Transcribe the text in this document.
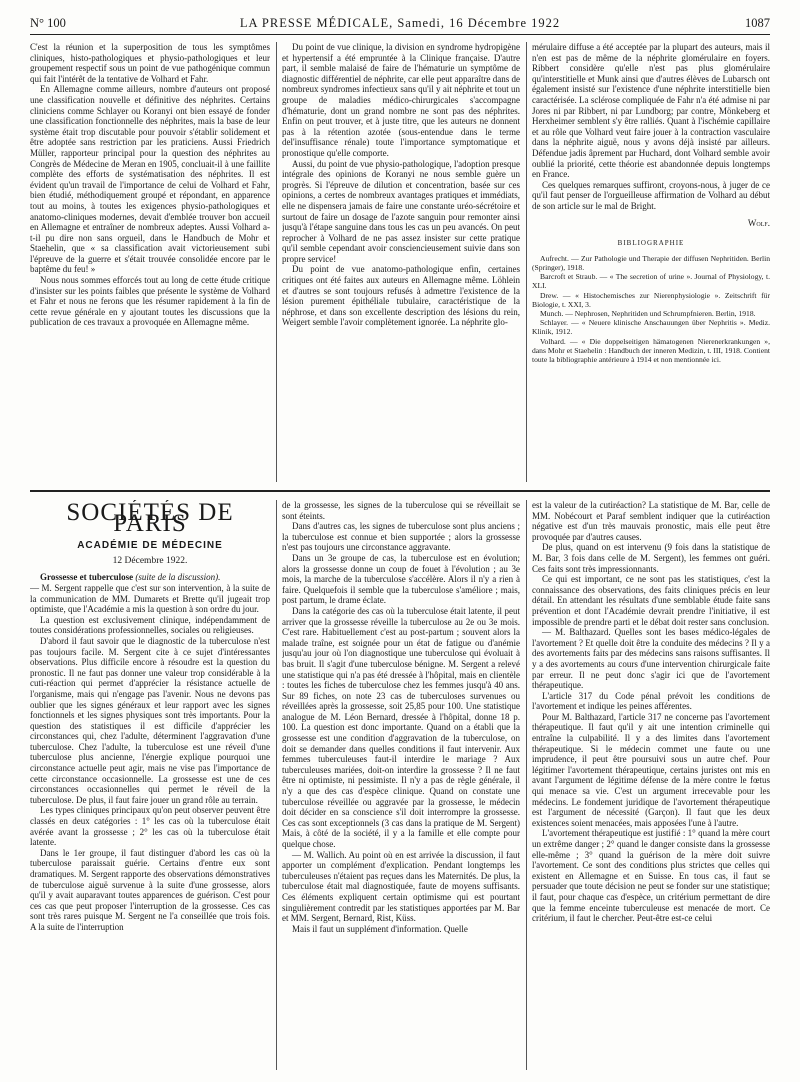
N° 100	LA PRESSE MÉDICALE, Samedi, 16 Décembre 1922	1087

C'est la réunion et la superposition de tous les symptômes cliniques, histo-pathologiques et physio-pathologiques et leur groupement respectif sous un point de vue pathogénique commun qui fait l'intérêt de la tentative de Volhard et Fahr.

En Allemagne comme ailleurs, nombre d'auteurs ont proposé une classification nouvelle et définitive des néphrites. Certains cliniciens comme Schlayer ou Koranyi ont bien essayé de fonder une classification fonctionnelle des néphrites, mais la base de leur système était trop discutable pour pouvoir s'établir solidement et être adoptée sans restriction par les praticiens. Aussi Friedrich Müller, rapporteur principal pour la question des néphrites au Congrès de Médecine de Meran en 1905, concluait-il à une faillite complète des efforts de systématisation des néphrites. Il est évident qu'un travail de l'importance de celui de Volhard et Fahr, bien étudié, méthodiquement groupé et répondant, en apparence tout au moins, à toutes les exigences physio-pathologiques et anatomo-cliniques modernes, devait d'emblée trouver bon accueil en Allemagne et entraîner de nombreux adeptes. Aussi Volhard a-t-il pu dire non sans orgueil, dans le Handbuch de Mohr et Staehelin, que « sa classification avait victorieusement subi l'épreuve de la guerre et s'était trouvée consolidée encore par le baptême du feu! »

Nous nous sommes efforcés tout au long de cette étude critique d'insister sur les points faibles que présente le système de Volhard et Fahr et nous ne ferons que les résumer rapidement à la fin de cette revue générale en y ajoutant toutes les discussions que la publication de ces travaux a provoquée en Allemagne même.

Du point de vue clinique, la division en syndrome hydropigène et hypertensif a été empruntée à la Clinique française. D'autre part, il semble malaisé de faire de l'hématurie un symptôme de diagnostic différentiel de néphrite, car elle peut apparaître dans de nombreux syndromes infectieux sans qu'il y ait néphrite et tout un groupe de maladies médico-chirurgicales s'accompagne d'hématurie, dont un grand nombre ne sont pas des néphrites. Enfin on peut trouver, et à juste titre, que les auteurs ne donnent pas à la rétention azotée (sous-entendue dans le terme del'insuffisance rénale) toute l'importance symptomatique et pronostique qu'elle comporte.

Aussi, du point de vue physio-pathologique, l'adoption presque intégrale des opinions de Koranyi ne nous semble guère un progrès. Si l'épreuve de dilution et concentration, basée sur ces opinions, a certes de nombreux avantages pratiques et immédiats, elle ne dispensera jamais de faire une constante uréo-sécrétoire et surtout de faire un dosage de l'azote sanguin pour remonter ainsi jusqu'à l'étape sanguine dans tous les cas un peu avancés. On peut reprocher à Volhard de ne pas assez insister sur cette pratique qu'il semble cependant avoir consciencieusement suivie dans son propre service!

Du point de vue anatomo-pathologique enfin, certaines critiques ont été faites aux auteurs en Allemagne même. Löhlein et d'autres se sont toujours refusés à admettre l'existence de la lésion purement épithéliale tubulaire, caractéristique de la néphrose, et dans son excellente description des lésions du rein, Weigert semble l'avoir complètement ignorée. La néphrite glo-

mérulaire diffuse a été acceptée par la plupart des auteurs, mais il n'en est pas de même de la néphrite glomérulaire en foyers. Ribbert considère qu'elle n'est pas plus glomérulaire qu'interstitielle et Munk ainsi que d'autres élèves de Lubarsch ont également insisté sur l'existence d'une néphrite interstitielle bien caractérisée. La sclérose compliquée de Fahr n'a été admise ni par Jores ni par Ribbert, ni par Lundborg; par contre, Mönkeberg et Herxheimer semblent s'y être ralliés. Quant à l'ischémie capillaire et au rôle que Volhard veut faire jouer à la contraction vasculaire dans la néphrite aiguë, nous y avons déjà insisté par ailleurs. Défendue jadis âprement par Huchard, dont Volhard semble avoir oublié la priorité, cette théorie est abandonnée depuis longtemps en France.

Ces quelques remarques suffiront, croyons-nous, à juger de ce qu'il faut penser de l'orgueilleuse affirmation de Volhard au début de son article sur le mal de Bright.

Wolf.
BIBLIOGRAPHIE

Aufrecht. — Zur Pathologie und Therapie der diffusen Nephritiden. Berlin (Springer), 1918.

Barcroft et Straub. — « The secretion of urine ». Journal of Physiology, t. XLI.

Drew. — « Histochemisches zur Nierenphysiologie ». Zeitschrift für Biologie, t. XXI, 3.

Munch. — Nephrosen, Nephritiden und Schrumpfnieren. Berlin, 1918.

Schlayer. — « Neuere klinische Anschauungen über Nephritis ». Mediz. Klinik, 1912.

Volhard. — « Die doppelseitigen hämatogenen Nierenerkrankungen », dans Mohr et Staehelin : Handbuch der inneren Medizin, t. III, 1918. Contient toute la bibliographie antérieure à 1914 et non mentionnée ici.

SOCIÉTÉS DE PARIS
ACADÉMIE DE MÉDECINE
12 Décembre 1922.

Grossesse et tuberculose (suite de la discussion).

— M. Sergent rappelle que c'est sur son intervention, à la suite de la communication de MM. Dumarets et Brette qu'il jugeait trop optimiste, que l'Académie a mis la question à son ordre du jour.

La question est exclusivement clinique, indépendamment de toutes considérations professionnelles, sociales ou religieuses.

D'abord il faut savoir que le diagnostic de la tuberculose n'est pas toujours facile. M. Sergent cite à ce sujet d'intéressantes observations. Plus difficile encore à résoudre est la question du pronostic. Il ne faut pas donner une valeur trop considérable à la cuti-réaction qui permet d'apprécier la résistance actuelle de l'organisme, mais qui n'engage pas l'avenir. Nous ne devons pas oublier que les signes généraux et leur rapport avec les signes fonctionnels et les signes physiques sont très importants. Pour la question des statistiques il est difficile d'apprécier les circonstances qui, chez l'adulte, déterminent l'aggravation d'une tuberculose. Chez l'adulte, la tuberculose est une réveil d'une tuberculose plus ancienne, l'énergie explique pourquoi une circonstance actuelle peut agir, mais ne vise pas l'importance de cette circonstance occasionnelle. La grossesse est une de ces circonstances occasionnelles qui permet le réveil de la tuberculose. De plus, il faut faire jouer un grand rôle au terrain.

Les types cliniques principaux qu'on peut observer peuvent être classés en deux catégories : 1° les cas où la tuberculose était avérée avant la grossesse ; 2° les cas où la tuberculose était latente.

Dans le 1er groupe, il faut distinguer d'abord les cas où la tuberculose paraissait guérie. Certains d'entre eux sont dramatiques. M. Sergent rapporte des observations démonstratives de tuberculose aiguë survenue à la suite d'une grossesse, alors qu'il y avait auparavant toutes apparences de guérison. C'est pour ces cas que peut proposer l'interruption de la grossesse. Ces cas sont très rares puisque M. Sergent ne l'a conseillée que trois fois. A la suite de l'interruption

de la grossesse, les signes de la tuberculose qui se réveillait se sont éteints.

Dans d'autres cas, les signes de tuberculose sont plus anciens ; la tuberculose est connue et bien supportée ; alors la grossesse n'est pas toujours une circonstance aggravante.

Dans un 3e groupe de cas, la tuberculose est en évolution; alors la grossesse donne un coup de fouet à l'évolution ; au 3e mois, la marche de la tuberculose s'accélère. Alors il n'y a rien à faire. Quelquefois il semble que la tuberculose s'améliore ; mais, post partum, le drame éclate.

Dans la catégorie des cas où la tuberculose était latente, il peut arriver que la grossesse réveille la tuberculose au 2e ou 3e mois. C'est rare. Habituellement c'est au post-partum ; souvent alors la malade traîne, est soignée pour un état de fatigue ou d'anémie jusqu'au jour où l'on diagnostique une tuberculose qui évoluait à bas bruit. Il s'agit d'une tuberculose bénigne. M. Sergent a relevé une statistique qui n'a pas été dressée à l'hôpital, mais en clientèle : toutes les fiches de tuberculose chez les femmes jusqu'à 40 ans. Sur 89 fiches, on note 23 cas de tuberculoses survenues ou réveillées après la grossesse, soit 25,85 pour 100. Une statistique analogue de M. Léon Bernard, dressée à l'hôpital, donne 18 p. 100. La question est donc importante. Quand on a établi que la grossesse est une condition d'aggravation de la tuberculose, on doit se demander dans quelles conditions il faut intervenir. Aux femmes tuberculeuses faut-il interdire le mariage ? Aux tuberculeuses mariées, doit-on interdire la grossesse ? Il ne faut être ni optimiste, ni pessimiste. Il n'y a pas de règle générale, il n'y a que des cas d'espèce clinique. Quand on constate une tuberculose réveillée ou aggravée par la grossesse, le médecin doit décider en sa conscience s'il doit interrompre la grossesse. Ces cas sont exceptionnels (3 cas dans la pratique de M. Sergent) Mais, à côté de la société, il y a la famille et elle compte pour quelque chose.

— M. Wallich. Au point où en est arrivée la discussion, il faut apporter un complément d'explication. Pendant longtemps les tuberculeuses n'étaient pas reçues dans les Maternités. De plus, la tuberculose était mal diagnostiquée, faute de moyens suffisants. Ces éléments expliquent certain optimisme qui est pourtant singulièrement contredit par les statistiques apportées par M. Bar et MM. Sergent, Bernard, Rist, Küss.

Mais il faut un supplément d'information. Quelle

est la valeur de la cutiréaction? La statistique de M. Bar, celle de MM. Nobécourt et Paraf semblent indiquer que la cutiréaction négative est d'un très mauvais pronostic, mais elle peut être provoquée par d'autres causes.

De plus, quand on est intervenu (9 fois dans la statistique de M. Bar, 3 fois dans celle de M. Sergent), les femmes ont guéri. Ces faits sont très impressionnants.

Ce qui est important, ce ne sont pas les statistiques, c'est la connaissance des observations, des faits cliniques précis en leur détail. En attendant les résultats d'une semblable étude faite sans prévention et dont l'Académie devrait prendre l'initiative, il est impossible de prendre parti et le débat doit rester sans conclusion.

— M. Balthazard. Quelles sont les bases médico-légales de l'avortement ? Et quelle doit être la conduite des médecins ? Il y a des avortements faits par des médecins sans raisons suffisantes. Il y a des avortements au cours d'une intervention chirurgicale faite par erreur. Il ne peut donc s'agir ici que de l'avortement thérapeutique.

L'article 317 du Code pénal prévoit les conditions de l'avortement et indique les peines afférentes.

Pour M. Balthazard, l'article 317 ne concerne pas l'avortement thérapeutique. Il faut qu'il y ait une intention criminelle qui entraîne la culpabilité. Il y a des limites dans l'avortement thérapeutique. Si le médecin commet une faute ou une imprudence, il peut être poursuivi sous un autre chef. Pour légitimer l'avortement thérapeutique, certains juristes ont mis en avant l'argument de légitime défense de la mère contre le fœtus qui menace sa vie. C'est un argument irrecevable pour les médecins. Le fondement juridique de l'avortement thérapeutique est l'argument de nécessité (Garçon). Il faut que les deux existences soient menacées, mais apposées l'une à l'autre.

L'avortement thérapeutique est justifié : 1° quand la mère court un extrême danger ; 2° quand le danger consiste dans la grossesse elle-même ; 3° quand la guérison de la mère doit suivre l'avortement. Ce sont des conditions plus strictes que celles qui existent en Allemagne et en Suisse. En tous cas, il faut se persuader que toute décision ne peut se fonder sur une statistique; il faut, pour chaque cas d'espèce, un critérium permettant de dire que la femme enceinte tuberculeuse est menacée de mort. Ce critérium, il faut le chercher. Peut-être est-ce celui
